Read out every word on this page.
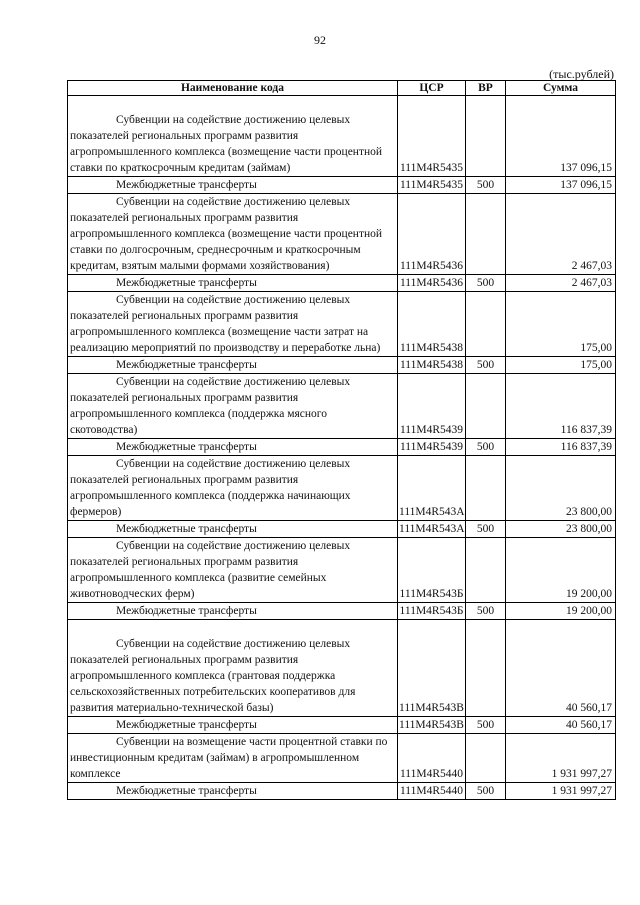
92
(тыс.рублей)
Наименование кода	ЦСР	ВР	Сумма
Субвенции на содействие достижению целевых показателей региональных программ развития агропромышленного комплекса (возмещение части процентной ставки по краткосрочным кредитам (займам)	111M4R5435		137 096,15
Межбюджетные трансферты	111M4R5435	500	137 096,15
Субвенции на содействие достижению целевых показателей региональных программ развития агропромышленного комплекса (возмещение части процентной ставки по долгосрочным, среднесрочным и краткосрочным кредитам, взятым малыми формами хозяйствования)	111M4R5436		2 467,03
Межбюджетные трансферты	111M4R5436	500	2 467,03
Субвенции на содействие достижению целевых показателей региональных программ развития агропромышленного комплекса (возмещение части затрат на реализацию мероприятий по производству и переработке льна)	111M4R5438		175,00
Межбюджетные трансферты	111M4R5438	500	175,00
Субвенции на содействие достижению целевых показателей региональных программ развития агропромышленного комплекса (поддержка мясного скотоводства)	111M4R5439		116 837,39
Межбюджетные трансферты	111M4R5439	500	116 837,39
Субвенции на содействие достижению целевых показателей региональных программ развития агропромышленного комплекса (поддержка начинающих фермеров)	111M4R543A		23 800,00
Межбюджетные трансферты	111M4R543A	500	23 800,00
Субвенции на содействие достижению целевых показателей региональных программ развития агропромышленного комплекса (развитие семейных животноводческих ферм)	111M4R543Б		19 200,00
Межбюджетные трансферты	111M4R543Б	500	19 200,00
Субвенции на содействие достижению целевых показателей региональных программ развития агропромышленного комплекса (грантовая поддержка сельскохозяйственных потребительских кооперативов для развития материально-технической базы)	111M4R543В		40 560,17
Межбюджетные трансферты	111M4R543В	500	40 560,17
Субвенции на возмещение части процентной ставки по инвестиционным кредитам (займам) в агропромышленном комплексе	111M4R5440		1 931 997,27
Межбюджетные трансферты	111M4R5440	500	1 931 997,27
